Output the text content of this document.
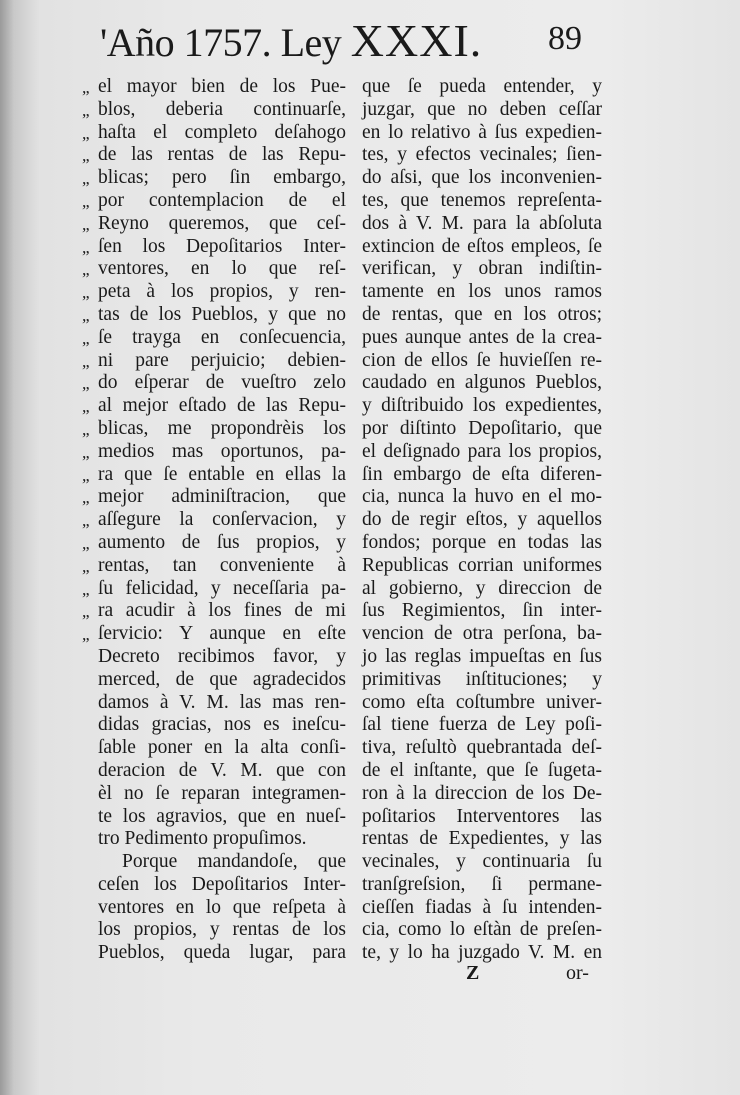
'Año 1757. Ley XXXI. 89
„ el mayor bien de los Pue-
„ blos, deberia continuarſe,
„ haſta el completo deſahogo
„ de las rentas de las Repu-
„ blicas; pero ſin embargo,
„ por contemplacion de el
„ Reyno queremos, que ceſ-
„ ſen los Depoſitarios Inter-
„ ventores, en lo que reſ-
„ peta à los propios, y ren-
„ tas de los Pueblos, y que no
„ ſe trayga en conſecuencia,
„ ni pare perjuicio; debien-
„ do eſperar de vueſtro zelo
„ al mejor eſtado de las Repu-
„ blicas, me propondrèis los
„ medios mas oportunos, pa-
„ ra que ſe entable en ellas la
„ mejor adminiſtracion, que
„ aſſegure la conſervacion, y
„ aumento de ſus propios, y
„ rentas, tan conveniente à
„ ſu felicidad, y neceſſaria pa-
„ ra acudir à los fines de mi
„ ſervicio: Y aunque en eſte
Decreto recibimos favor, y
merced, de que agradecidos
damos à V. M. las mas ren-
didas gracias, nos es ineſcu-
ſable poner en la alta conſi-
deracion de V. M. que con
èl no ſe reparan integramen-
te los agravios, que en nueſ-
tro Pedimento propuſimos.
Porque mandandoſe, que
ceſen los Depoſitarios Inter-
ventores en lo que reſpeta à
los propios, y rentas de los
Pueblos, queda lugar, para
que ſe pueda entender, y
juzgar, que no deben ceſſar
en lo relativo à ſus expedien-
tes, y efectos vecinales; ſien-
do aſsi, que los inconvenien-
tes, que tenemos repreſenta-
dos à V. M. para la abſoluta
extincion de eſtos empleos, ſe
verifican, y obran indiſtin-
tamente en los unos ramos
de rentas, que en los otros;
pues aunque antes de la crea-
cion de ellos ſe huvieſſen re-
caudado en algunos Pueblos,
y diſtribuido los expedientes,
por diſtinto Depoſitario, que
el deſignado para los propios,
ſin embargo de eſta diferen-
cia, nunca la huvo en el mo-
do de regir eſtos, y aquellos
fondos; porque en todas las
Republicas corrian uniformes
al gobierno, y direccion de
ſus Regimientos, ſin inter-
vencion de otra perſona, ba-
jo las reglas impueſtas en ſus
primitivas inſtituciones; y
como eſta coſtumbre univer-
ſal tiene fuerza de Ley poſi-
tiva, reſultò quebrantada deſ-
de el inſtante, que ſe ſugeta-
ron à la direccion de los De-
poſitarios Interventores las
rentas de Expedientes, y las
vecinales, y continuaria ſu
tranſgreſsion, ſi permane-
cieſſen fiadas à ſu intenden-
cia, como lo eſtàn de preſen-
te, y lo ha juzgado V. M. en
Z	or-
